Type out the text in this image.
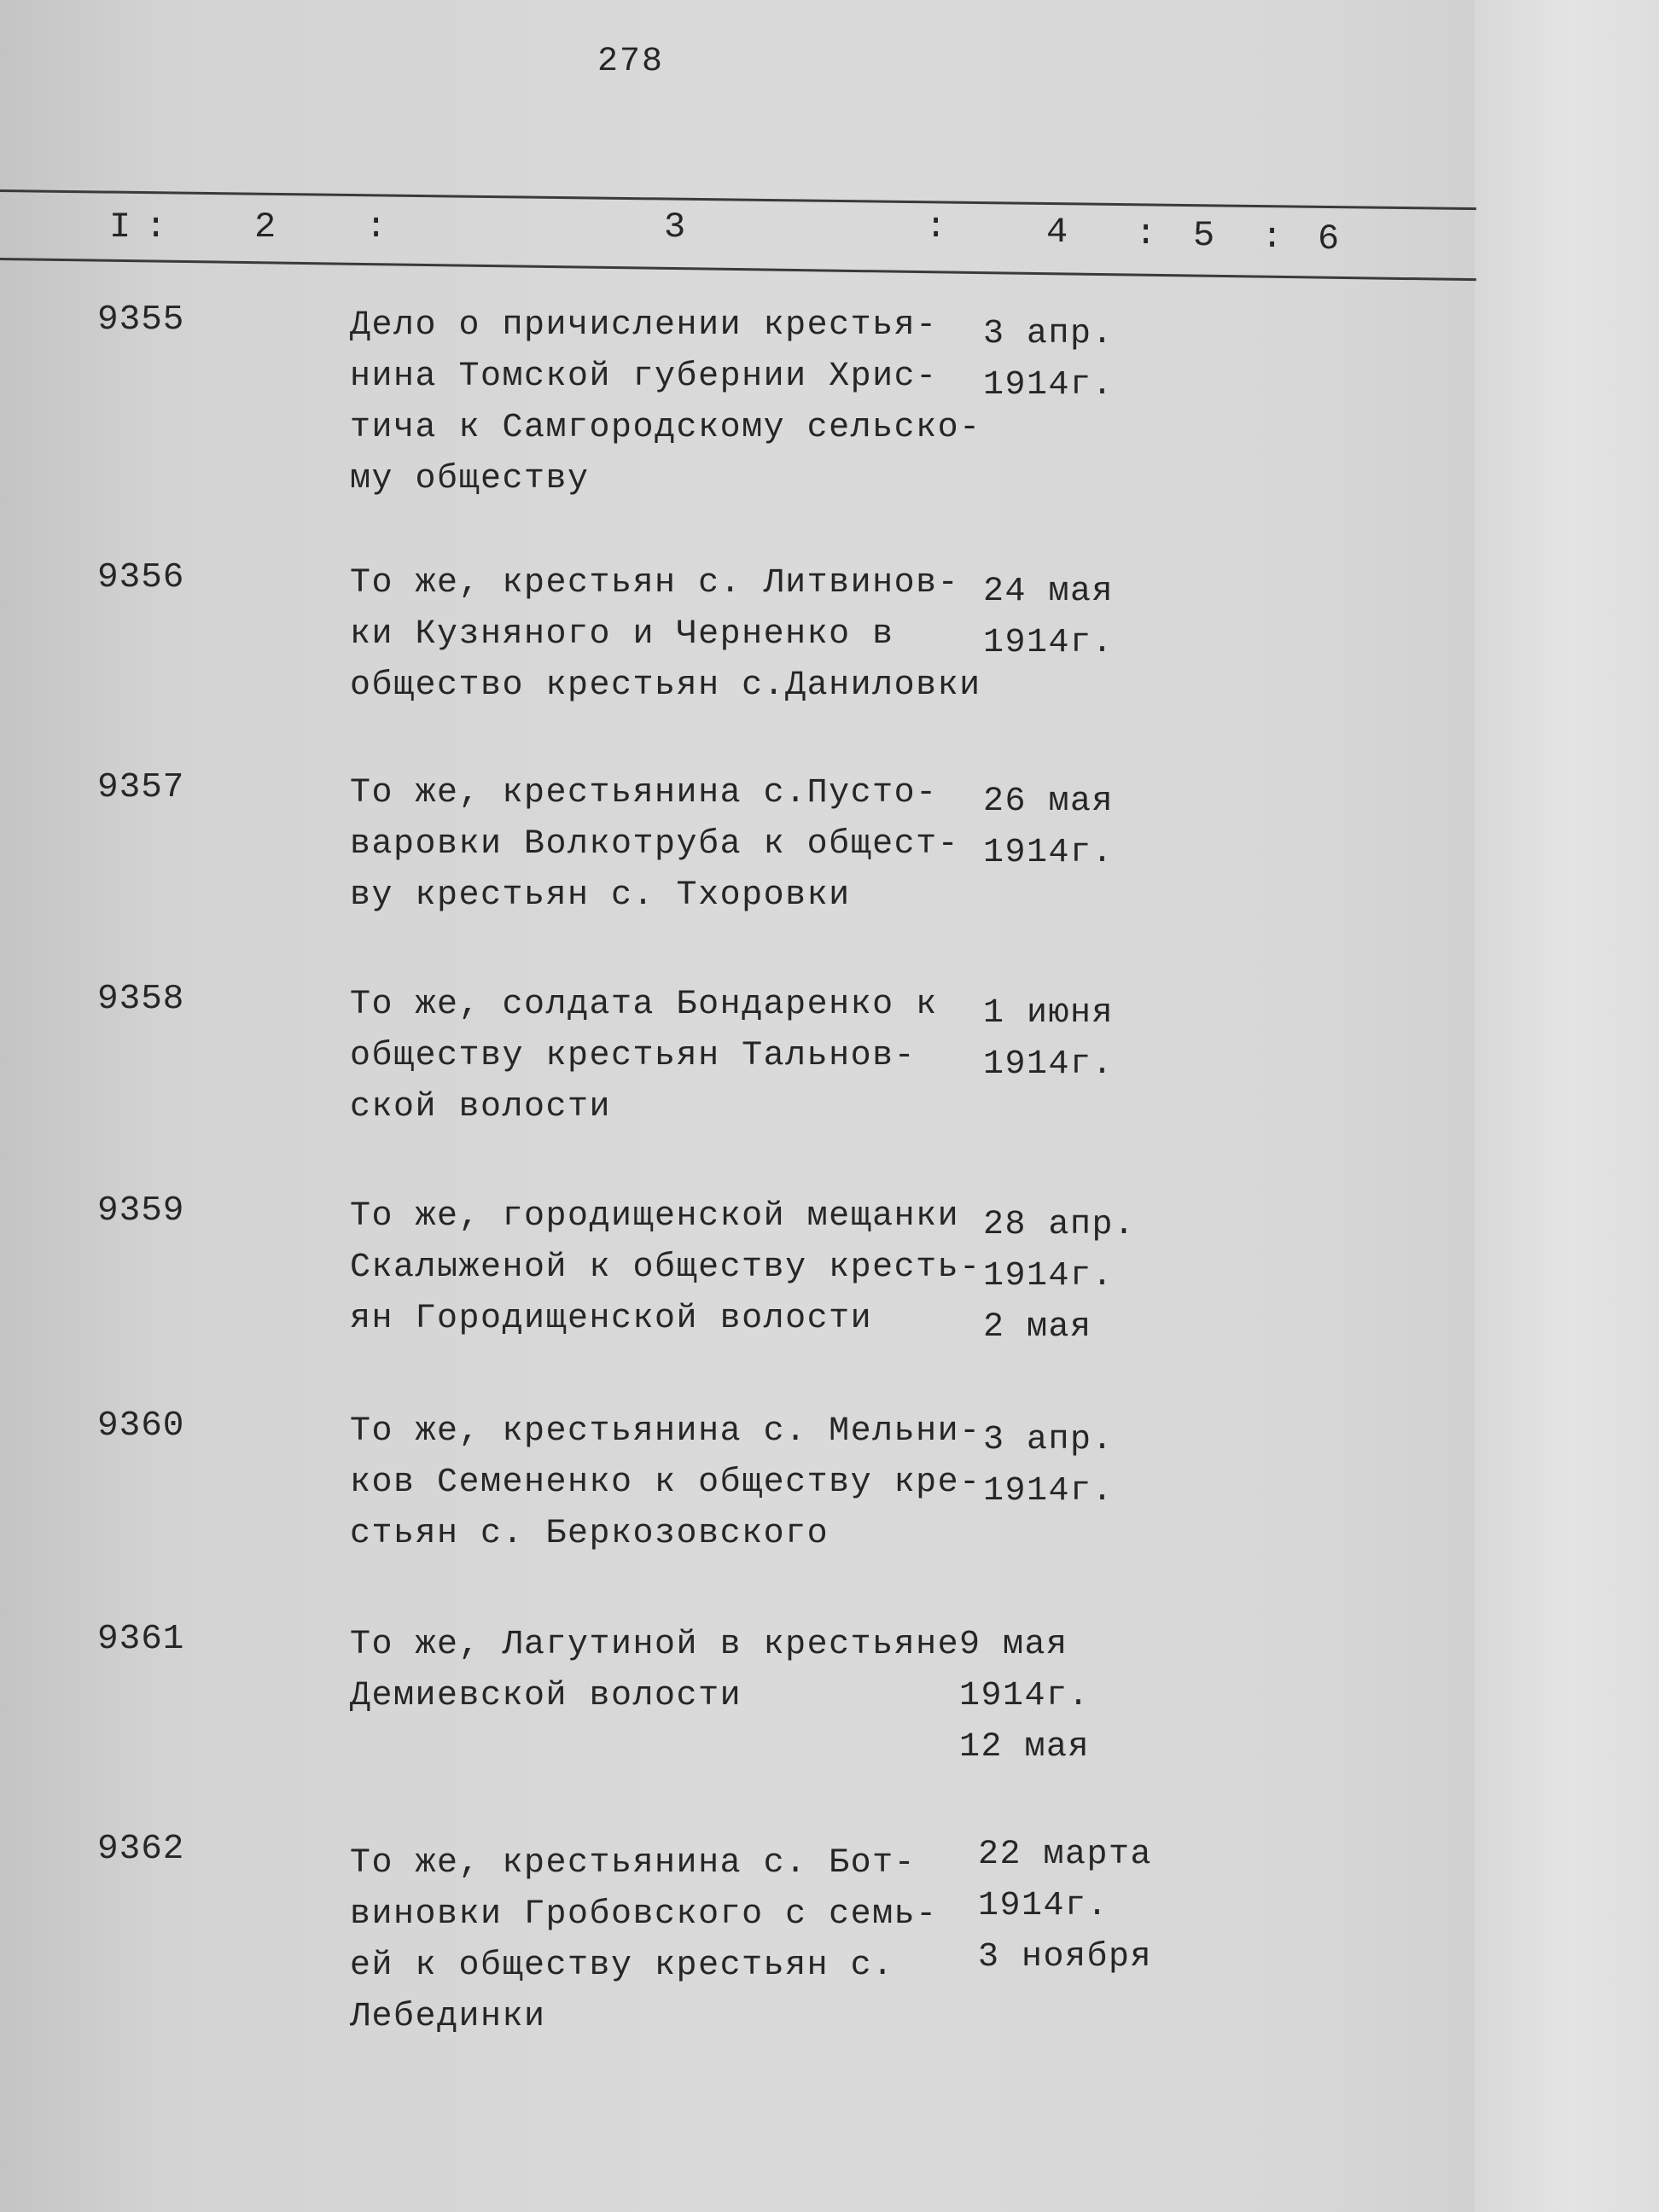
278
I : 2 :	3	:	4 : 5 : 6
9355	Дело о причислении крестья-
нина Томской губернии Хрис-
тича к Самгородскому сельско-
му обществу
3 апр.
1914г.
9356	То же, крестьян с. Литвинов-
ки Кузняного и Черненко в
общество крестьян с.Даниловки
24 мая
1914г.
9357	То же, крестьянина с.Пусто-
варовки Волкотруба к общест-
ву крестьян с. Тхоровки
26 мая
1914г.
9358	То же, солдата Бондаренко к
обществу крестьян Тальнов-
ской волости
1 июня
1914г.
9359	То же, городищенской мещанки
Скалыженой к обществу кресть-
ян Городищенской волости
28 апр.
1914г.
2 мая
9360	То же, крестьянина с. Мельни-
ков Семененко к обществу кре-
стьян с. Беркозовского
3 апр.
1914г.
9361	То же, Лагутиной в крестьяне
Демиевской волости
9 мая
1914г.
12 мая
9362	То же, крестьянина с. Бот-
виновки Гробовского с семь-
ей к обществу крестьян с.
Лебединки
22 марта
1914г.
3 ноября
